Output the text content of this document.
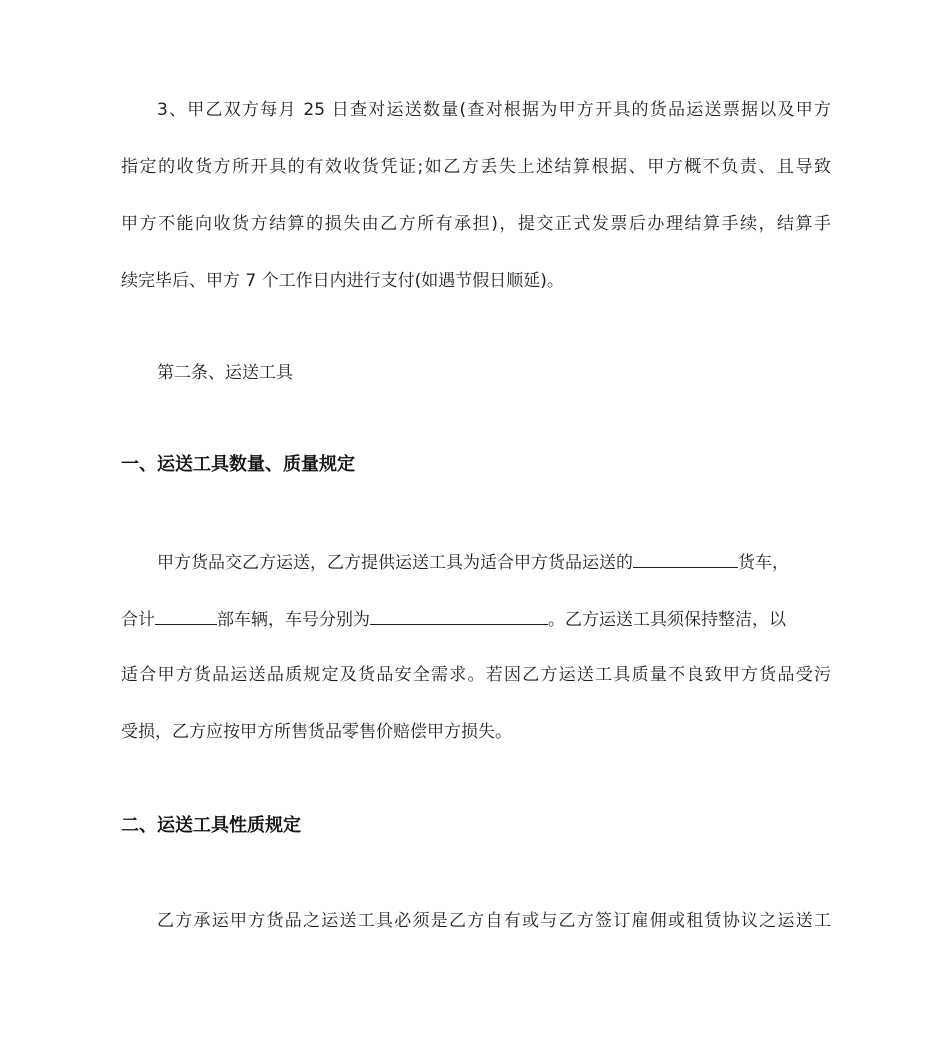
3、甲乙双方每月 25 日查对运送数量(查对根据为甲方开具的货品运送票据以及甲方
指定的收货方所开具的有效收货凭证;如乙方丢失上述结算根据、甲方概不负责、且导致
甲方不能向收货方结算的损失由乙方所有承担)，提交正式发票后办理结算手续，结算手
续完毕后、甲方 7 个工作日内进行支付(如遇节假日顺延)。
第二条、运送工具
一、运送工具数量、质量规定
甲方货品交乙方运送，乙方提供运送工具为适合甲方货品运送的	货车，
合计	部车辆，车号分别为	。乙方运送工具须保持整洁，以
适合甲方货品运送品质规定及货品安全需求。若因乙方运送工具质量不良致甲方货品受污
受损，乙方应按甲方所售货品零售价赔偿甲方损失。
二、运送工具性质规定
乙方承运甲方货品之运送工具必须是乙方自有或与乙方签订雇佣或租赁协议之运送工
